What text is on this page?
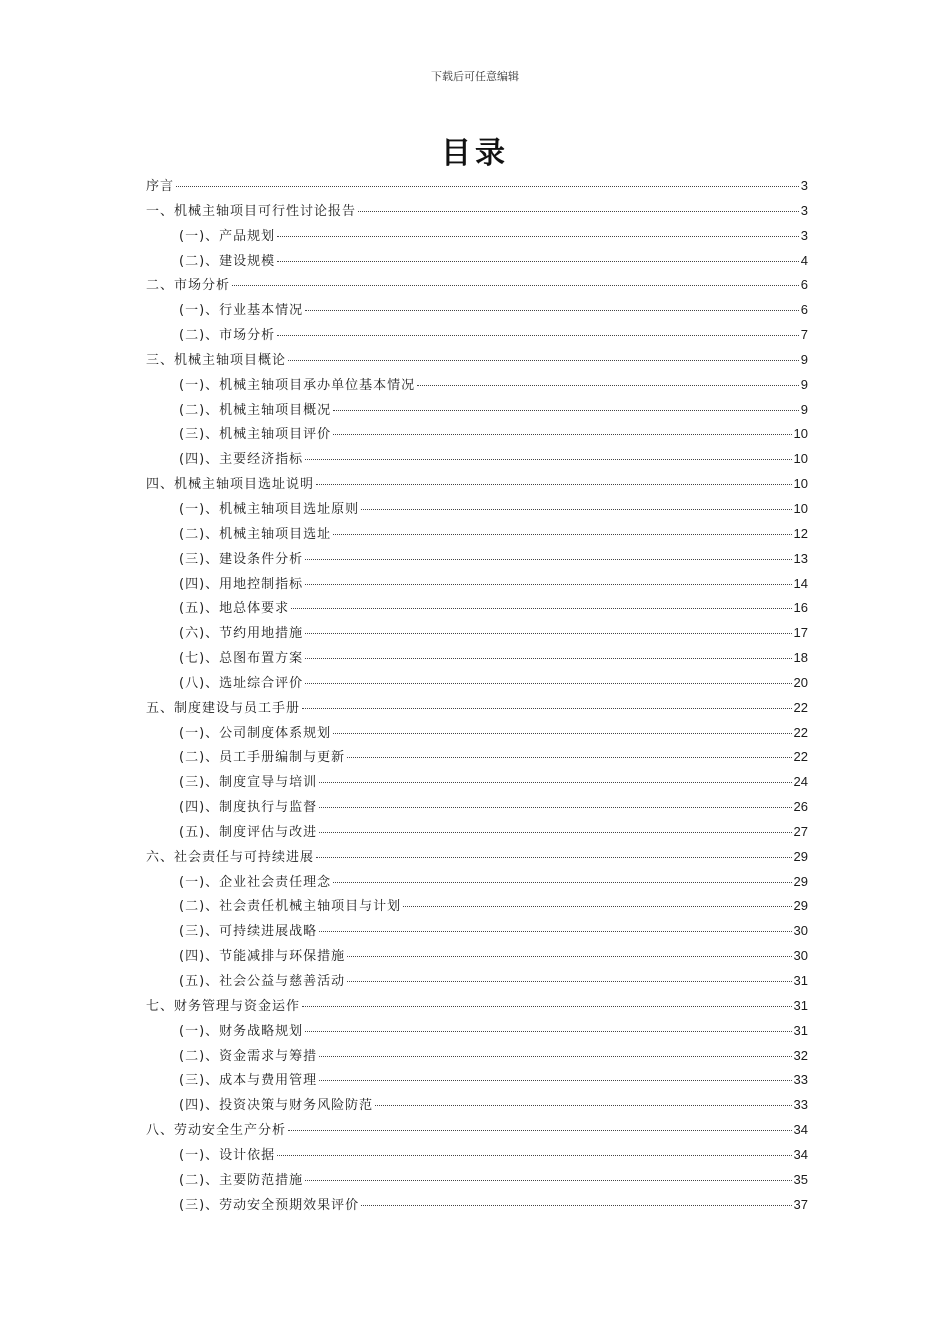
下载后可任意编辑
目录
序言	3
一、机械主轴项目可行性讨论报告	3
(一)、产品规划	3
(二)、建设规模	4
二、市场分析	6
(一)、行业基本情况	6
(二)、市场分析	7
三、机械主轴项目概论	9
(一)、机械主轴项目承办单位基本情况	9
(二)、机械主轴项目概况	9
(三)、机械主轴项目评价	10
(四)、主要经济指标	10
四、机械主轴项目选址说明	10
(一)、机械主轴项目选址原则	10
(二)、机械主轴项目选址	12
(三)、建设条件分析	13
(四)、用地控制指标	14
(五)、地总体要求	16
(六)、节约用地措施	17
(七)、总图布置方案	18
(八)、选址综合评价	20
五、制度建设与员工手册	22
(一)、公司制度体系规划	22
(二)、员工手册编制与更新	22
(三)、制度宣导与培训	24
(四)、制度执行与监督	26
(五)、制度评估与改进	27
六、社会责任与可持续进展	29
(一)、企业社会责任理念	29
(二)、社会责任机械主轴项目与计划	29
(三)、可持续进展战略	30
(四)、节能减排与环保措施	30
(五)、社会公益与慈善活动	31
七、财务管理与资金运作	31
(一)、财务战略规划	31
(二)、资金需求与筹措	32
(三)、成本与费用管理	33
(四)、投资决策与财务风险防范	33
八、劳动安全生产分析	34
(一)、设计依据	34
(二)、主要防范措施	35
(三)、劳动安全预期效果评价	37
